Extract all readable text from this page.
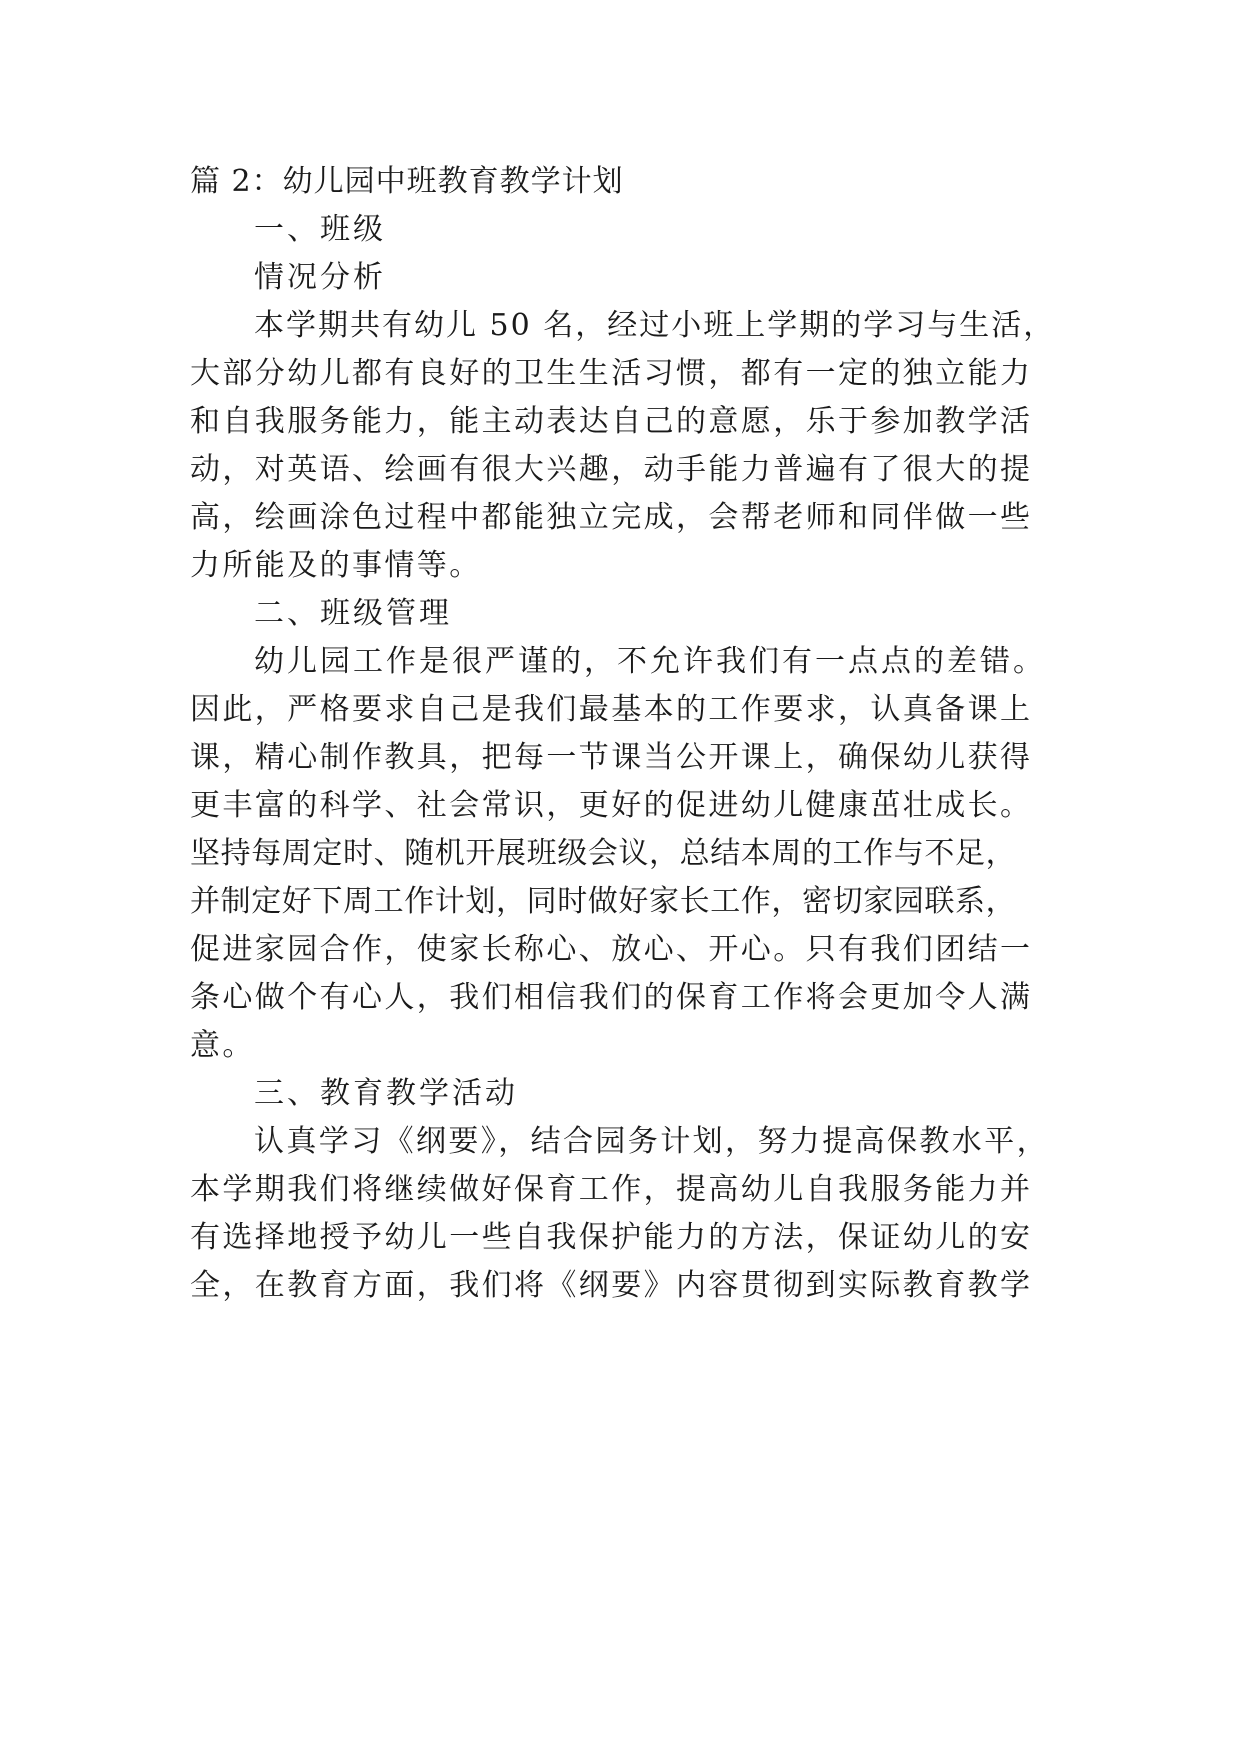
篇 2：幼儿园中班教育教学计划
一、班级
情况分析
本学期共有幼儿 50 名，经过小班上学期的学习与生活，
大部分幼儿都有良好的卫生生活习惯，都有一定的独立能力
和自我服务能力，能主动表达自己的意愿，乐于参加教学活
动，对英语、绘画有很大兴趣，动手能力普遍有了很大的提
高，绘画涂色过程中都能独立完成，会帮老师和同伴做一些
力所能及的事情等。
二、班级管理
幼儿园工作是很严谨的，不允许我们有一点点的差错。
因此，严格要求自己是我们最基本的工作要求，认真备课上
课，精心制作教具，把每一节课当公开课上，确保幼儿获得
更丰富的科学、社会常识，更好的促进幼儿健康茁壮成长。
坚持每周定时、随机开展班级会议，总结本周的工作与不足，
并制定好下周工作计划，同时做好家长工作，密切家园联系，
促进家园合作，使家长称心、放心、开心。只有我们团结一
条心做个有心人，我们相信我们的保育工作将会更加令人满
意。
三、教育教学活动
认真学习《纲要》，结合园务计划，努力提高保教水平，
本学期我们将继续做好保育工作，提高幼儿自我服务能力并
有选择地授予幼儿一些自我保护能力的方法，保证幼儿的安
全，在教育方面，我们将《纲要》内容贯彻到实际教育教学
